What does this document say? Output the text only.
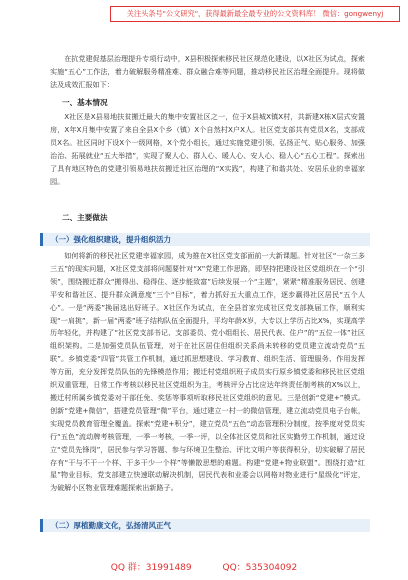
关注头条号"公文研究"，获得最新最全最专业的公文资料库！ 微信：gongwenyj

在抗党建促基层治理提升专项行动中，X县积极探索移民社区规范化建设，以X社区为试点，探索实施“五心”工作法，着力破解服务精准难、群众融合难等问题，推动移民社区治理全面提升。现将做法及成效汇报如下：

一、基本情况

X社区是X县易地扶贫搬迁最大的集中安置社区之一，位于X县城X镇X村，共新建X栋X层式安置房，X年X月集中安置了来自全县X个乡（镇）X个自然村X户X人。社区党支部共有党员X名，支部成员X名。社区同时下设X个一级网格，X个党小组长，通过实施党建引领、弘扬正气、贴心服务、加强治治、拓展就业“五大举措”，实现了聚人心、群人心、暖人心、安人心、稳人心“五心工程”。探索出了具有地区特色的党建引领易地扶贫搬迁社区治理的“X实践”，构建了和谐共处、安居乐业的幸福家园。

二、主要做法
（一）强化组织建设，提升组织活力

如何将新的移民社区党建幸福家园，成为推在X社区党支部面前一大新课题。针对社区“一杂三多三五”的现实问题，X社区党支部将问题要针对“X”党建工作思路，即坚持把建设社区党组织在一个“引领”，围绕搬迁群众“搬得出、稳得住、逐步能致富”后续发展一个“主题”，紧紧“精准服务居民、创建平安和谐社区、提升群众满意度”三个“目标”，着力抓好五大重点工作，逐步赢得社区居民“五个人心”。一是“两委”换届选出好班子。X社区作为试点，在全县首家完成社区党支部换届工作，顺利实现“一肩挑”，新一届“两委”班子结构队伍全面提升，平均年龄X岁，大专以上学历占比X%，实现高学历年轻化，并构建了“社区党支部书记、支部委员、党小组组长、居民代表、住户”的“五位一体”社区组织架构。二是加强党员队伍管理，对于在社区居住但组织关系尚未转移的党员建立流动党员“五联”。乡镇党委“四管”共管工作机制，通过抓思想建设、学习教育、组织生活、管理服务、作用发挥等方面，充分发挥党员队伍的先锋模范作用；搬迁村党组织班子成员实行原乡镇党委和移民社区党组织双重管理，日常工作考核以移民社区党组织为主，考核评分占比应达年终责任制考核的X%以上，搬迁村所属乡镇党委对干部任免、奖惩等事项听取移民社区党组织的意见。三是创新“党建+”模式。创新“党建+微信”，搭建党员管理“微”平台，通过建立一村一的微信管理，建立流动党员电子台帐，实现党员教育管理全覆盖。探索“党建+积分”，建立党员“五色”动态管理积分制度，按季度对党员实行“五色”流动牌考核管理，一季一考核，一季一评，以全体社区党员和社区实勤劳工作机制，通过设立“党员先锋岗”，居民参与学习答题、参与环境卫生整治、评比文明户等获得积分，切实破解了居民存有“干与不干一个样、干多干少一个样”等懒散思想的难题。构建“党建+物业联盟”。围绕打造“红星”物业目标，党支部建立快速联动解决机制，居民代表和业委会以网格对物业进行“星级化”评定，为破解小区物业管理难题探索出新路子。

（二）厚植勤康文化，弘扬清风正气
QQ 群：31991489	QQ：535304092
